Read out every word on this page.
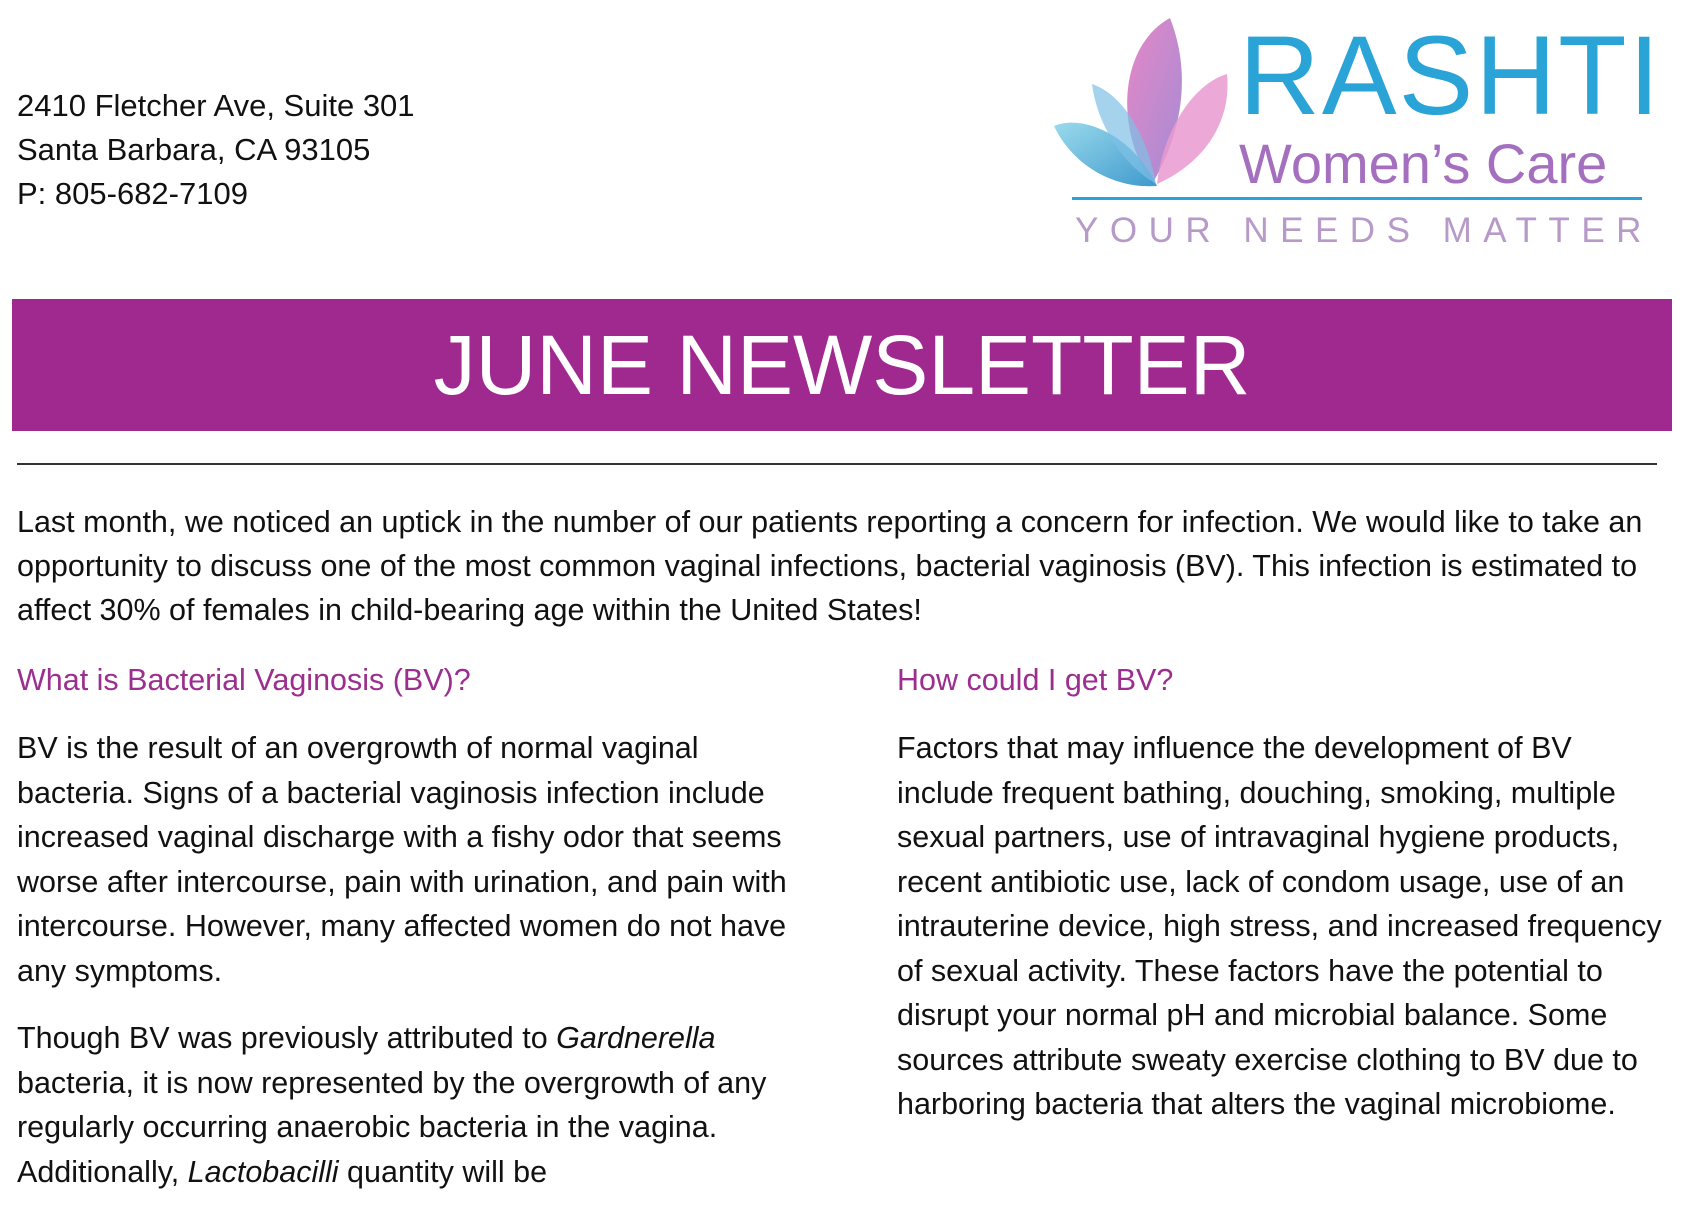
2410 Fletcher Ave, Suite 301
Santa Barbara, CA 93105
P: 805-682-7109
RASHTI
Women’s Care
YOUR NEEDS MATTER
JUNE NEWSLETTER
Last month, we noticed an uptick in the number of our patients reporting a concern for infection. We would like to take an opportunity to discuss one of the most common vaginal infections, bacterial vaginosis (BV). This infection is estimated to affect 30% of females in child-bearing age within the United States!
What is Bacterial Vaginosis (BV)?

BV is the result of an overgrowth of normal vaginal bacteria. Signs of a bacterial vaginosis infection include increased vaginal discharge with a fishy odor that seems worse after intercourse, pain with urination, and pain with intercourse. However, many affected women do not have any symptoms.

Though BV was previously attributed to Gardnerella bacteria, it is now represented by the overgrowth of any regularly occurring anaerobic bacteria in the vagina. Additionally, Lactobacilli quantity will be

How could I get BV?

Factors that may influence the development of BV include frequent bathing, douching, smoking, multiple sexual partners, use of intravaginal hygiene products, recent antibiotic use, lack of condom usage, use of an intrauterine device, high stress, and increased frequency of sexual activity. These factors have the potential to disrupt your normal pH and microbial balance. Some sources attribute sweaty exercise clothing to BV due to harboring bacteria that alters the vaginal microbiome.
